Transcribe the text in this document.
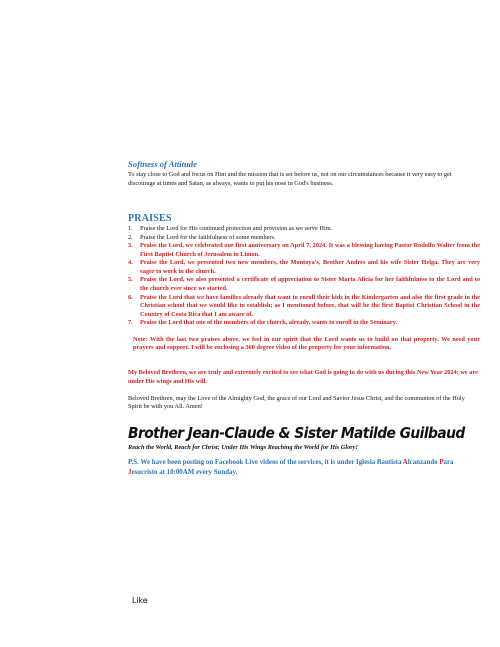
Softness of Attitude

To stay close to God and focus on Him and the mission that is set before us, not on our circumstances because it very easy to get discourage at times and Satan, as always, wants to put his nose in God's business.

PRAISES
1. Praise the Lord for His continued protection and provision as we serve Him.
2. Praise the Lord for the faithfulness of some members.
3. Praise the Lord, we celebrated our first anniversary on April 7, 2024. It was a blessing having Pastor Rodolfo Walter from the First Baptist Church of Jerusalem in Limon.
4. Praise the Lord, we presented two new members, the Montoya's, Brother Andres and his wife Sister Helga. They are very eager to work in the church.
5. Praise the Lord, we also presented a certificate of appreciation to Sister Marta Alicia for her faithfulness to the Lord and to the church ever since we started.
6. Praise the Lord that we have families already that want to enroll their kids in the Kindergarten and also the first grade in the Christian school that we would like to establish; as I mentioned before, that will be the first Baptist Christian School in the Country of Costa Rica that I am aware of.
7. Praise the Lord that one of the members of the church, already, wants to enroll in the Seminary.

Note: With the last two praises above, we feel in our spirit that the Lord wants us to build on that property. We need your prayers and support. I will be enclosing a 360 degree video of the property for your information.

My Beloved Brethren, we are truly and extremely excited to see what God is going to do with us during this New Year 2024; we are under His wings and His will.

Beloved Brethren, may the Love of the Almighty God, the grace of our Lord and Savior Jesus Christ, and the communion of the Holy Spirit be with you All. Amen!

Brother Jean-Claude & Sister Matilde Guilbaud

Reach the World, Reach for Christ; Under His Wings Reaching the World for His Glory!

P.S. We have been posting on Facebook Live videos of the services, it is under Iglesia Bautista Alcanzando Para Jesucristo at 10:00AM every Sunday.

Like
